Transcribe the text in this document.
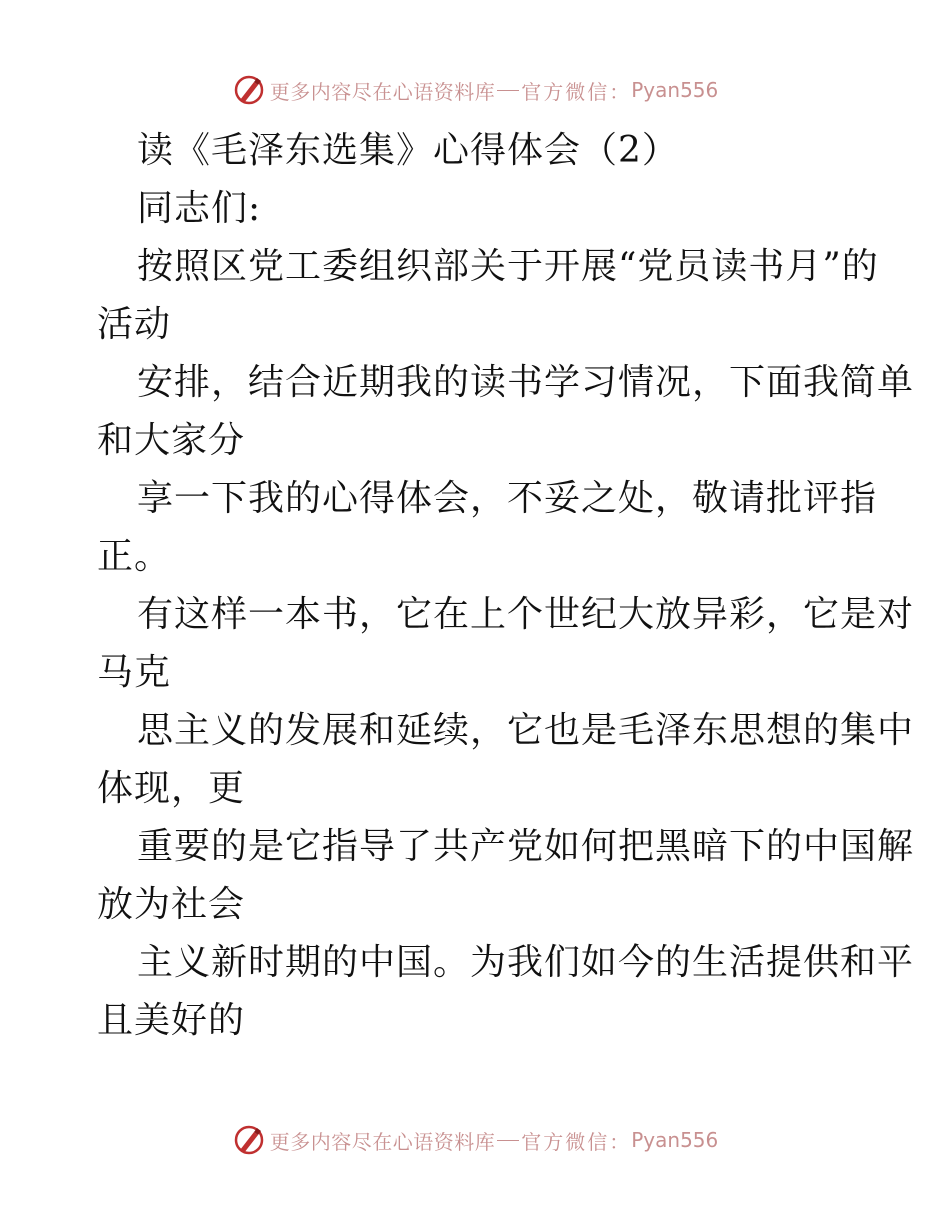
更多内容尽在心语资料库 官方微信： Pyan556
读《毛泽东选集》心得体会（2）
同志们:
按照区党工委组织部关于开展“党员读书月”的
活动
安排，结合近期我的读书学习情况，下面我简单
和大家分
享一下我的心得体会，不妥之处，敬请批评指
正。
有这样一本书，它在上个世纪大放异彩，它是对
马克
思主义的发展和延续，它也是毛泽东思想的集中
体现，更
重要的是它指导了共产党如何把黑暗下的中国解
放为社会
主义新时期的中国。为我们如今的生活提供和平
且美好的
更多内容尽在心语资料库 官方微信： Pyan556
